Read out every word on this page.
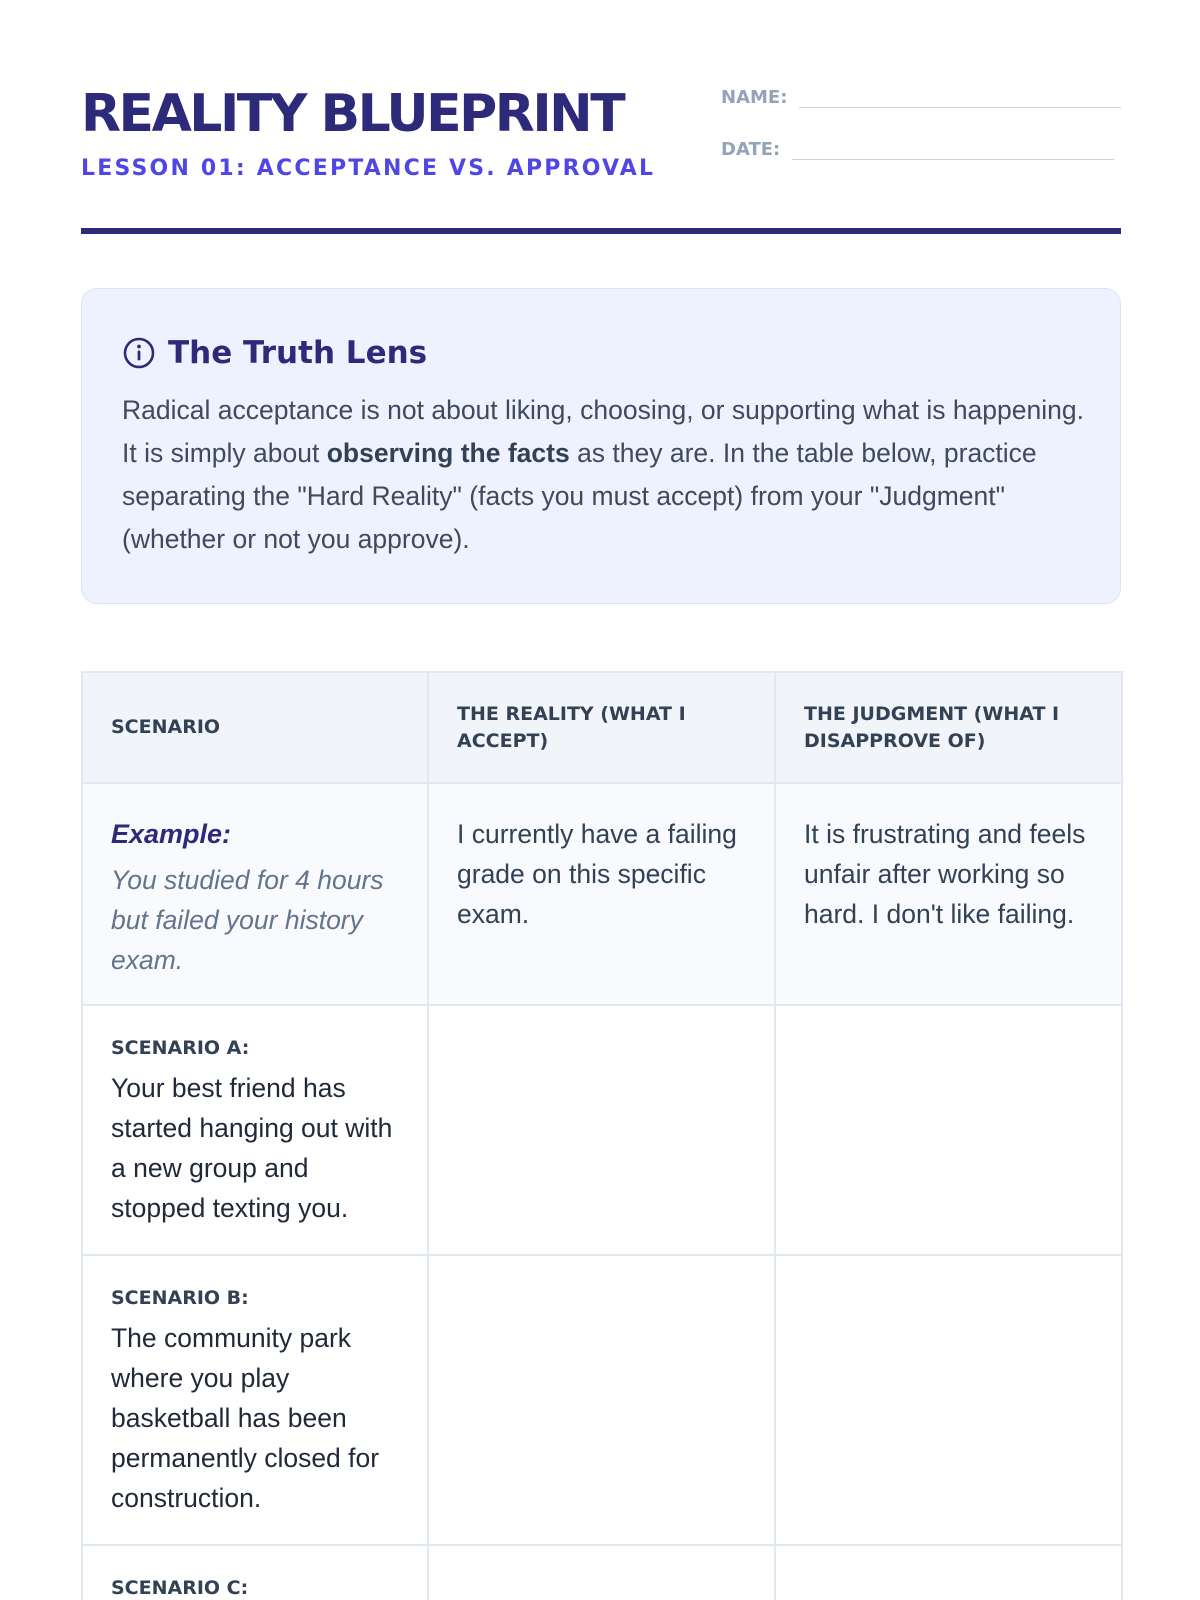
REALITY BLUEPRINT
LESSON 01: ACCEPTANCE VS. APPROVAL
NAME:
DATE:
The Truth Lens

Radical acceptance is not about liking, choosing, or supporting what is happening. It is simply about observing the facts as they are. In the table below, practice separating the "Hard Reality" (facts you must accept) from your "Judgment" (whether or not you approve).

SCENARIO	THE REALITY (WHAT I ACCEPT)	THE JUDGMENT (WHAT I DISAPPROVE OF)

Example:
You studied for 4 hours but failed your history exam.	I currently have a failing grade on this specific exam.	It is frustrating and feels unfair after working so hard. I don't like failing.

SCENARIO A:
Your best friend has started hanging out with a new group and stopped texting you.		

SCENARIO B:
The community park where you play basketball has been permanently closed for construction.		

SCENARIO C:		
